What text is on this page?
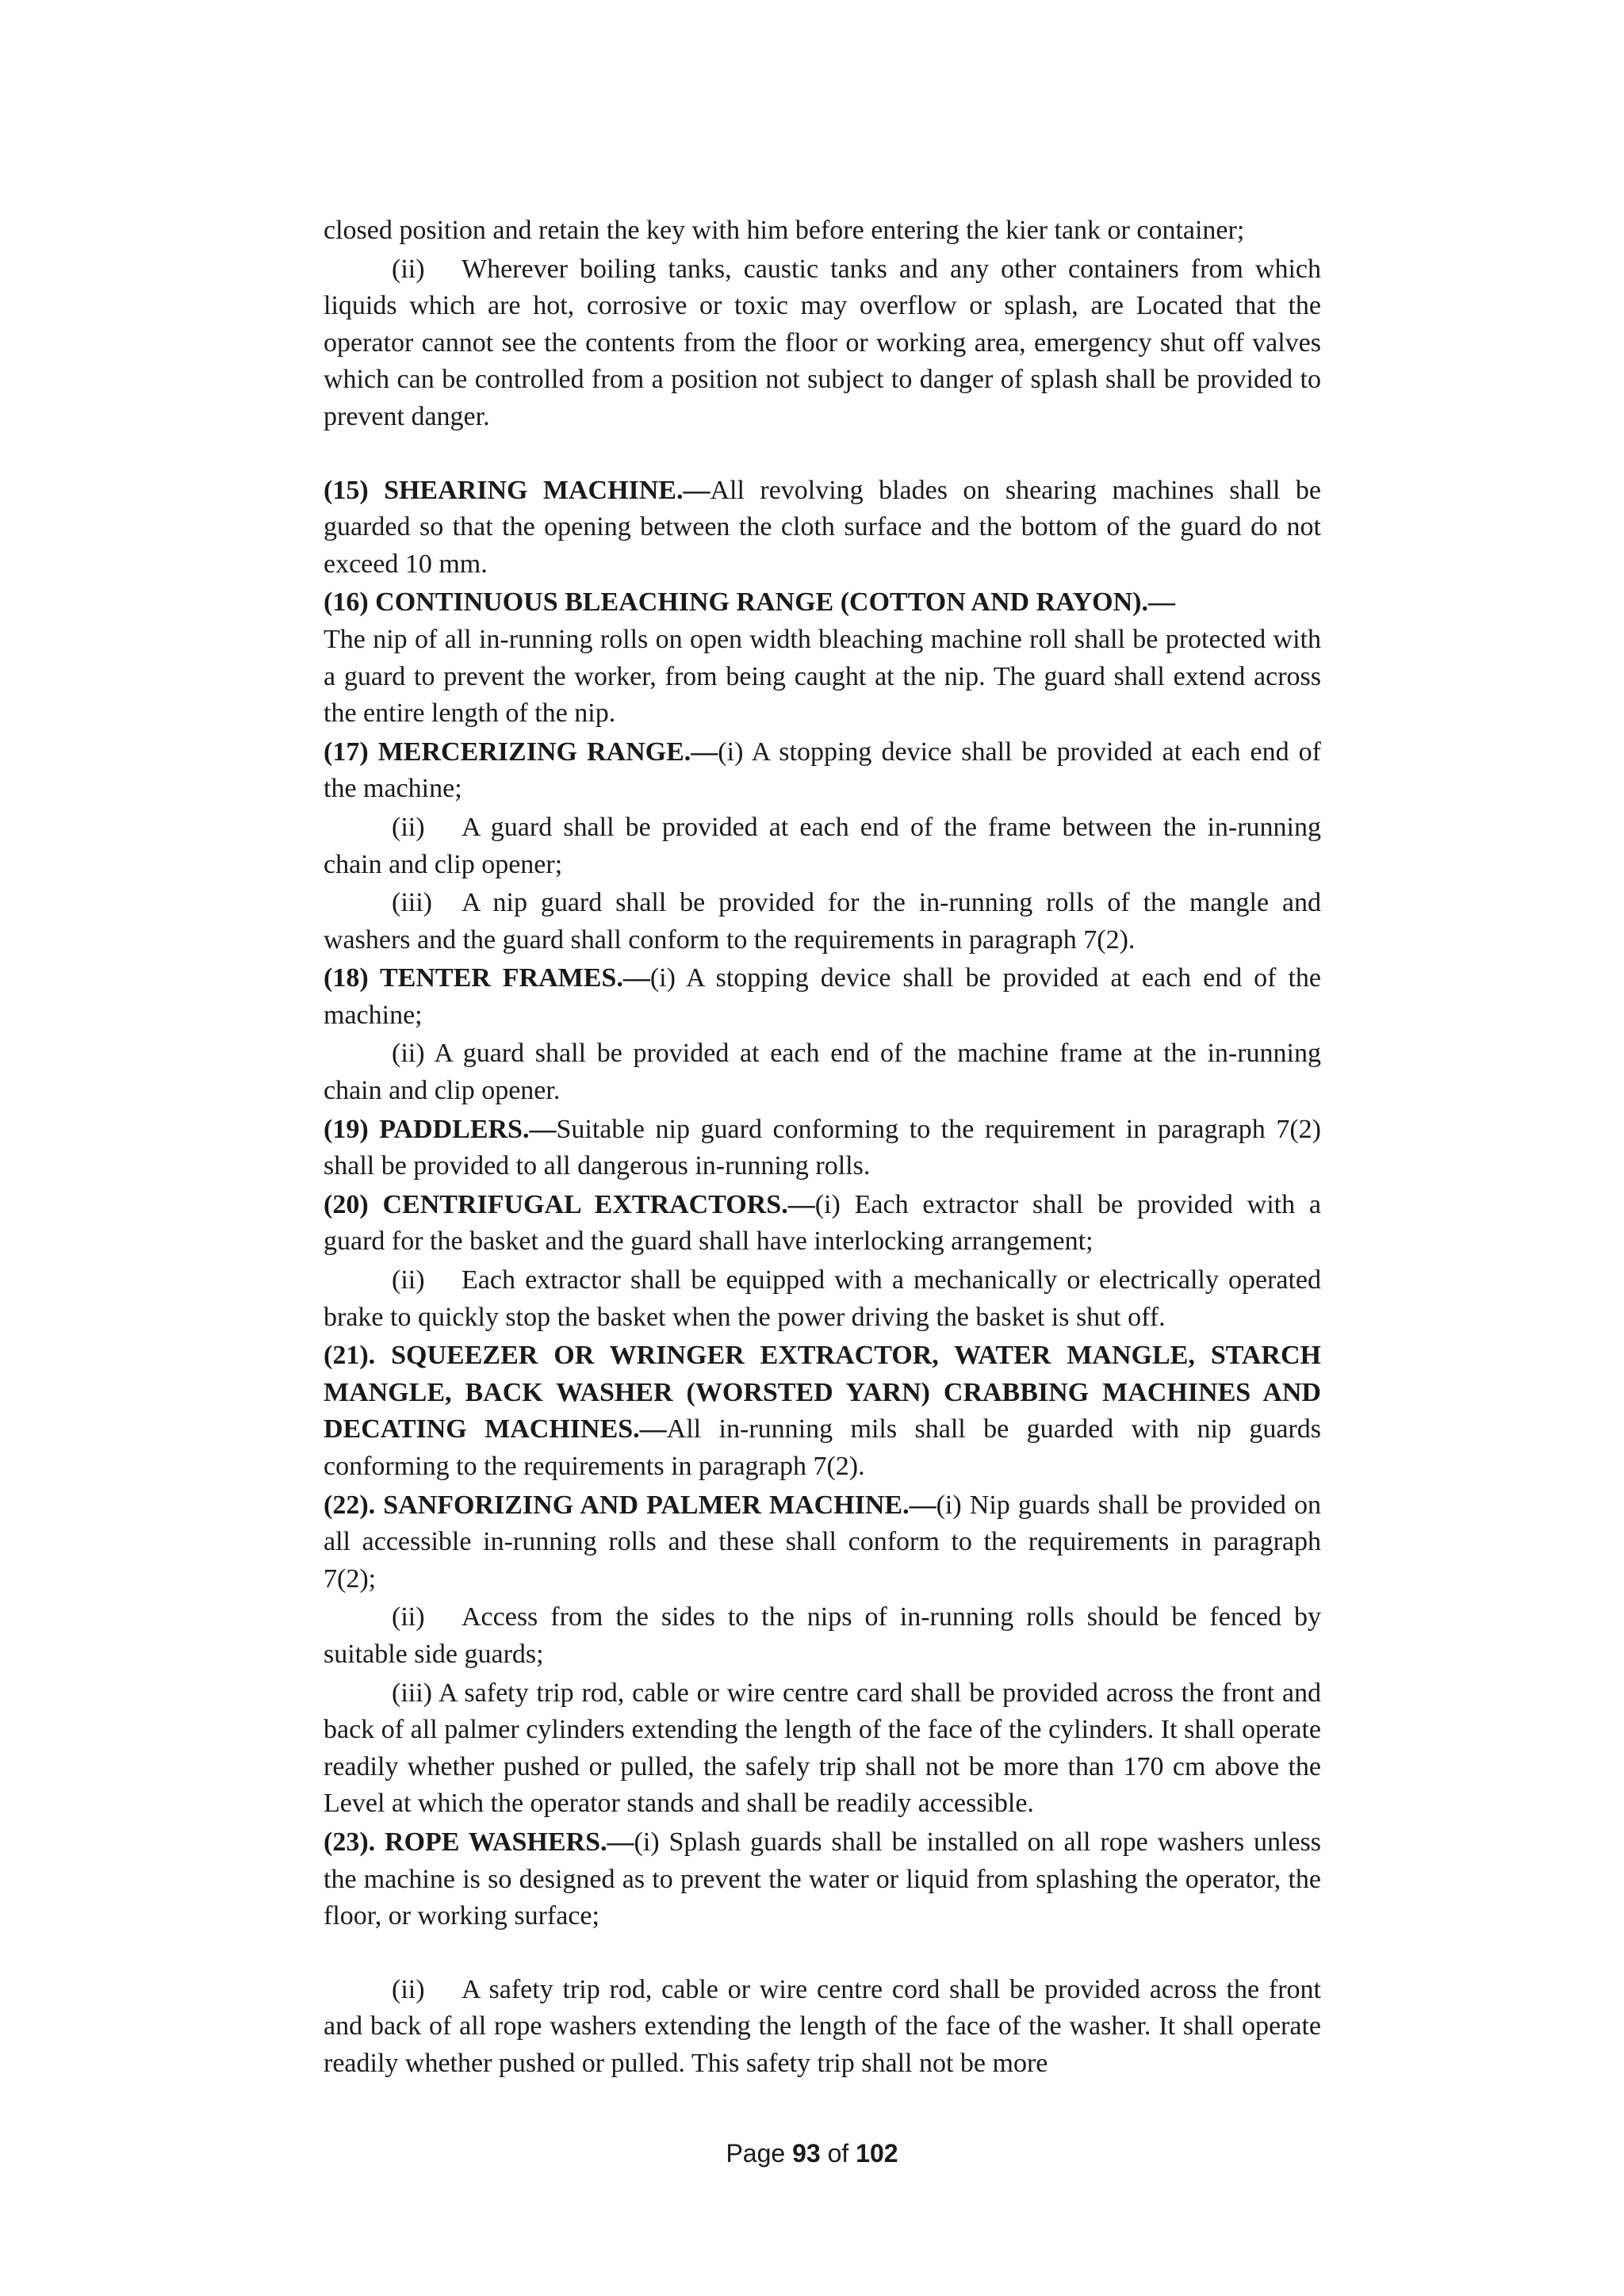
closed position and retain the key with him before entering the kier tank or container;

(ii) Wherever boiling tanks, caustic tanks and any other containers from which liquids which are hot, corrosive or toxic may overflow or splash, are Located that the operator cannot see the contents from the floor or working area, emergency shut off valves which can be controlled from a position not subject to danger of splash shall be provided to prevent danger.

(15) SHEARING MACHINE.—All revolving blades on shearing machines shall be guarded so that the opening between the cloth surface and the bottom of the guard do not exceed 10 mm.

(16) CONTINUOUS BLEACHING RANGE (COTTON AND RAYON).—
The nip of all in-running rolls on open width bleaching machine roll shall be protected with a guard to prevent the worker, from being caught at the nip. The guard shall extend across the entire length of the nip.

(17) MERCERIZING RANGE.—(i) A stopping device shall be provided at each end of the machine;

(ii) A guard shall be provided at each end of the frame between the in-running chain and clip opener;

(iii) A nip guard shall be provided for the in-running rolls of the mangle and washers and the guard shall conform to the requirements in paragraph 7(2).

(18) TENTER FRAMES.—(i) A stopping device shall be provided at each end of the machine;

(ii) A guard shall be provided at each end of the machine frame at the in-running chain and clip opener.

(19) PADDLERS.—Suitable nip guard conforming to the requirement in paragraph 7(2) shall be provided to all dangerous in-running rolls.

(20) CENTRIFUGAL EXTRACTORS.—(i) Each extractor shall be provided with a guard for the basket and the guard shall have interlocking arrangement;

(ii) Each extractor shall be equipped with a mechanically or electrically operated brake to quickly stop the basket when the power driving the basket is shut off.

(21). SQUEEZER OR WRINGER EXTRACTOR, WATER MANGLE, STARCH MANGLE, BACK WASHER (WORSTED YARN) CRABBING MACHINES AND DECATING MACHINES.—All in-running mils shall be guarded with nip guards conforming to the requirements in paragraph 7(2).

(22). SANFORIZING AND PALMER MACHINE.—(i) Nip guards shall be provided on all accessible in-running rolls and these shall conform to the requirements in paragraph 7(2);

(ii) Access from the sides to the nips of in-running rolls should be fenced by suitable side guards;

(iii) A safety trip rod, cable or wire centre card shall be provided across the front and back of all palmer cylinders extending the length of the face of the cylinders. It shall operate readily whether pushed or pulled, the safely trip shall not be more than 170 cm above the Level at which the operator stands and shall be readily accessible.

(23). ROPE WASHERS.—(i) Splash guards shall be installed on all rope washers unless the machine is so designed as to prevent the water or liquid from splashing the operator, the floor, or working surface;

(ii) A safety trip rod, cable or wire centre cord shall be provided across the front and back of all rope washers extending the length of the face of the washer. It shall operate readily whether pushed or pulled. This safety trip shall not be more

Page 93 of 102
